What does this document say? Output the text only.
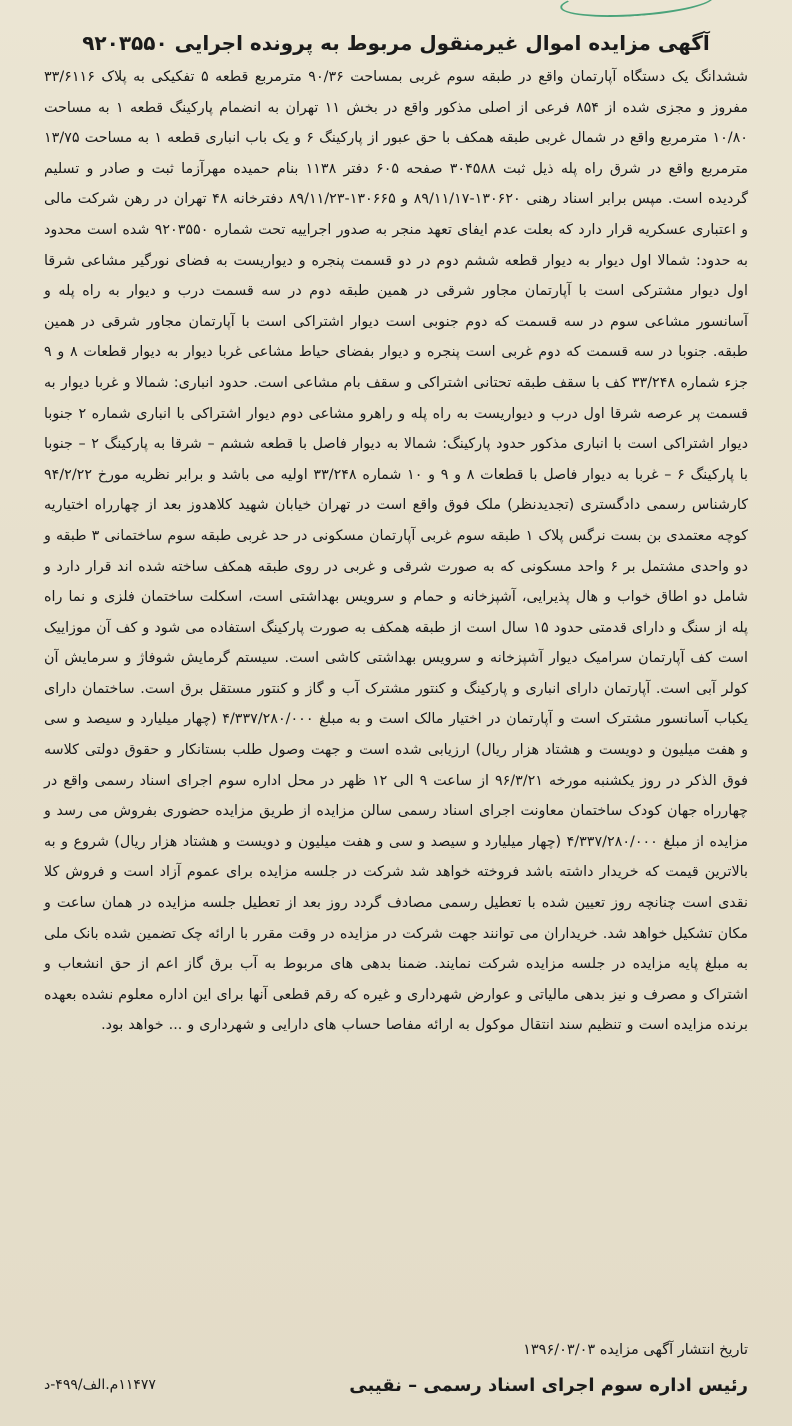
آگهی مزایده اموال غیرمنقول مربوط به پرونده اجرایی ۹۲۰۳۵۵۰

ششدانگ یک دستگاه آپارتمان واقع در طبقه سوم غربی بمساحت ۹۰/۳۶ مترمربع قطعه ۵ تفکیکی به پلاک ۳۳/۶۱۱۶ مفروز و مجزی شده از ۸۵۴ فرعی از اصلی مذکور واقع در بخش ۱۱ تهران به انضمام پارکینگ قطعه ۱ به مساحت ۱۰/۸۰ مترمربع واقع در شمال غربی طبقه همکف با حق عبور از پارکینگ ۶ و یک باب انباری قطعه ۱ به مساحت ۱۳/۷۵ مترمربع واقع در شرق راه پله ذیل ثبت ۳۰۴۵۸۸ صفحه ۶۰۵ دفتر ۱۱۳۸ بنام حمیده مهرآزما ثبت و صادر و تسلیم گردیده است. مپس برابر اسناد رهنی ۱۳۰۶۲۰-۸۹/۱۱/۱۷ و ۱۳۰۶۶۵-۸۹/۱۱/۲۳ دفترخانه ۴۸ تهران در رهن شرکت مالی و اعتباری عسکریه قرار دارد که بعلت عدم ایفای تعهد منجر به صدور اجراییه تحت شماره ۹۲۰۳۵۵۰ شده است محدود به حدود: شمالا اول دیوار به دیوار قطعه ششم دوم در دو قسمت پنجره و دیواریست به فضای نورگیر مشاعی شرقا اول دیوار مشترکی است با آپارتمان مجاور شرقی در همین طبقه دوم در سه قسمت درب و دیوار به راه پله و آسانسور مشاعی سوم در سه قسمت که دوم جنوبی است دیوار اشتراکی است با آپارتمان مجاور شرقی در همین طبقه. جنوبا در سه قسمت که دوم غربی است پنجره و دیوار بفضای حیاط مشاعی غربا دیوار به دیوار قطعات ۸ و ۹ جزء شماره ۳۳/۲۴۸ کف با سقف طبقه تحتانی اشتراکی و سقف بام مشاعی است. حدود انباری: شمالا و غربا دیوار به قسمت پر عرصه شرقا اول درب و دیواریست به راه پله و راهرو مشاعی دوم دیوار اشتراکی با انباری شماره ۲ جنوبا دیوار اشتراکی است با انباری مذکور حدود پارکینگ: شمالا به دیوار فاصل با قطعه ششم – شرقا به پارکینگ ۲ – جنوبا با پارکینگ ۶ – غربا به دیوار فاصل با قطعات ۸ و ۹ و ۱۰ شماره ۳۳/۲۴۸ اولیه می باشد و برابر نظریه مورخ ۹۴/۲/۲۲ کارشناس رسمی دادگستری (تجدیدنظر) ملک فوق واقع است در تهران خیابان شهید کلاهدوز بعد از چهارراه اختیاریه کوچه معتمدی بن بست نرگس پلاک ۱ طبقه سوم غربی آپارتمان مسکونی در حد غربی طبقه سوم ساختمانی ۳ طبقه و دو واحدی مشتمل بر ۶ واحد مسکونی که به صورت شرقی و غربی در روی طبقه همکف ساخته شده اند قرار دارد و شامل دو اطاق خواب و هال پذیرایی، آشپزخانه و حمام و سرویس بهداشتی است، اسکلت ساختمان فلزی و نما راه پله از سنگ و دارای قدمتی حدود ۱۵ سال است از طبقه همکف به صورت پارکینگ استفاده می شود و کف آن موزاییک است کف آپارتمان سرامیک دیوار آشپزخانه و سرویس بهداشتی کاشی است. سیستم گرمایش شوفاژ و سرمایش آن کولر آبی است. آپارتمان دارای انباری و پارکینگ و کنتور مشترک آب و گاز و کنتور مستقل برق است. ساختمان دارای یکباب آسانسور مشترک است و آپارتمان در اختیار مالک است و به مبلغ ۴/۳۳۷/۲۸۰/۰۰۰ (چهار میلیارد و سیصد و سی و هفت میلیون و دویست و هشتاد هزار ریال) ارزیابی شده است و جهت وصول طلب بستانکار و حقوق دولتی کلاسه فوق الذکر در روز یکشنبه مورخه ۹۶/۳/۲۱ از ساعت ۹ الی ۱۲ ظهر در محل اداره سوم اجرای اسناد رسمی واقع در چهارراه جهان کودک ساختمان معاونت اجرای اسناد رسمی سالن مزایده از طریق مزایده حضوری بفروش می رسد و مزایده از مبلغ ۴/۳۳۷/۲۸۰/۰۰۰ (چهار میلیارد و سیصد و سی و هفت میلیون و دویست و هشتاد هزار ریال) شروع و به بالاترین قیمت که خریدار داشته باشد فروخته خواهد شد شرکت در جلسه مزایده برای عموم آزاد است و فروش کلا نقدی است چنانچه روز تعیین شده با تعطیل رسمی مصادف گردد روز بعد از تعطیل جلسه مزایده در همان ساعت و مکان تشکیل خواهد شد. خریداران می توانند جهت شرکت در مزایده در وقت مقرر با ارائه چک تضمین شده بانک ملی به مبلغ پایه مزایده در جلسه مزایده شرکت نمایند. ضمنا بدهی های مربوط به آب برق گاز اعم از حق انشعاب و اشتراک و مصرف و نیز بدهی مالیاتی و عوارض شهرداری و غیره که رقم قطعی آنها برای این اداره معلوم نشده بعهده برنده مزایده است و تنظیم سند انتقال موکول به ارائه مفاصا حساب های دارایی و شهرداری و ... خواهد بود.

تاریخ انتشار آگهی مزایده ۱۳۹۶/۰۳/۰۳

رئیس اداره سوم اجرای اسناد رسمی – نقیبی
۱۱۴۷۷م.الف/۴۹۹-د
